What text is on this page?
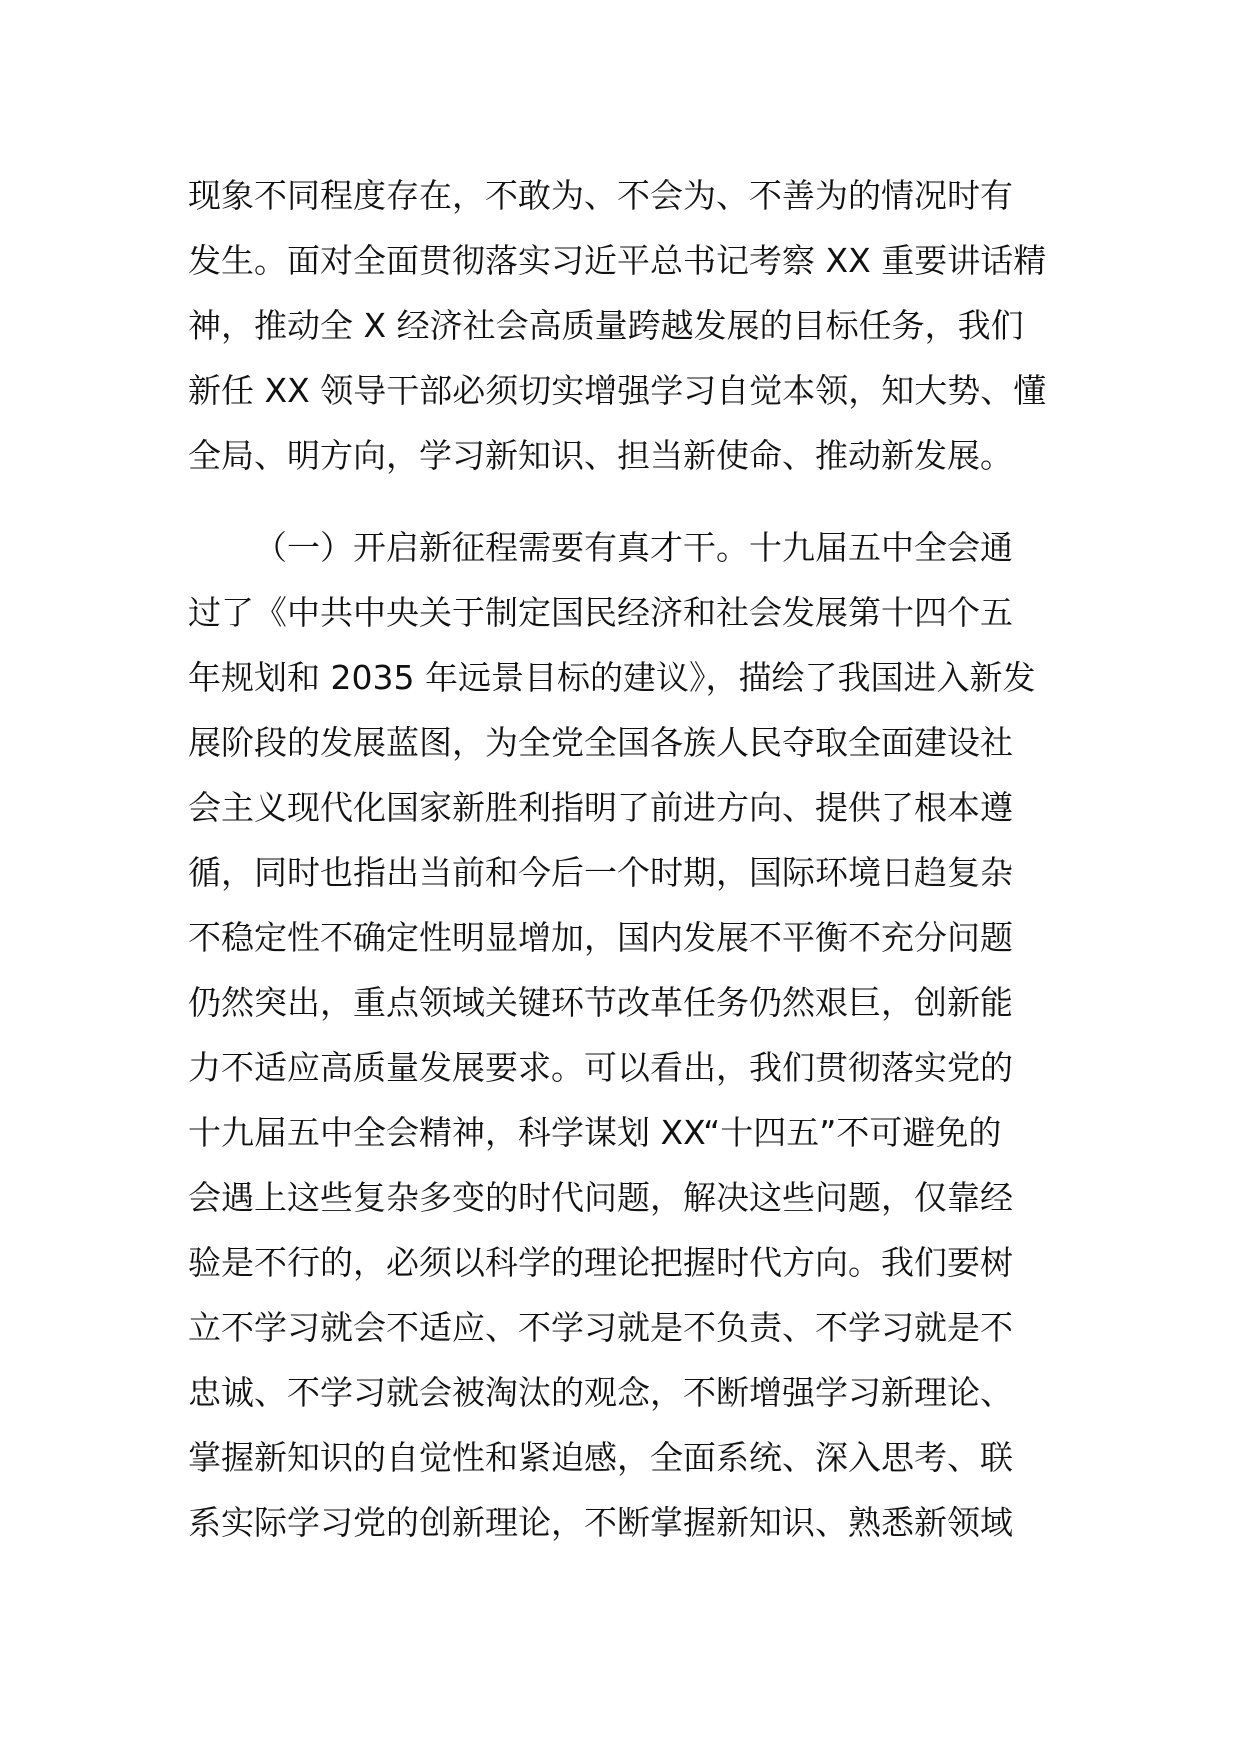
现象不同程度存在，不敢为、不会为、不善为的情况时有
发生。面对全面贯彻落实习近平总书记考察 XX 重要讲话精
神，推动全 X 经济社会高质量跨越发展的目标任务，我们
新任 XX 领导干部必须切实增强学习自觉本领，知大势、懂
全局、明方向，学习新知识、担当新使命、推动新发展。
（一）开启新征程需要有真才干。十九届五中全会通
过了《中共中央关于制定国民经济和社会发展第十四个五
年规划和 2035 年远景目标的建议》，描绘了我国进入新发
展阶段的发展蓝图，为全党全国各族人民夺取全面建设社
会主义现代化国家新胜利指明了前进方向、提供了根本遵
循，同时也指出当前和今后一个时期，国际环境日趋复杂
不稳定性不确定性明显增加，国内发展不平衡不充分问题
仍然突出，重点领域关键环节改革任务仍然艰巨，创新能
力不适应高质量发展要求。可以看出，我们贯彻落实党的
十九届五中全会精神，科学谋划 XX“十四五”不可避免的
会遇上这些复杂多变的时代问题，解决这些问题，仅靠经
验是不行的，必须以科学的理论把握时代方向。我们要树
立不学习就会不适应、不学习就是不负责、不学习就是不
忠诚、不学习就会被淘汰的观念，不断增强学习新理论、
掌握新知识的自觉性和紧迫感，全面系统、深入思考、联
系实际学习党的创新理论，不断掌握新知识、熟悉新领域
